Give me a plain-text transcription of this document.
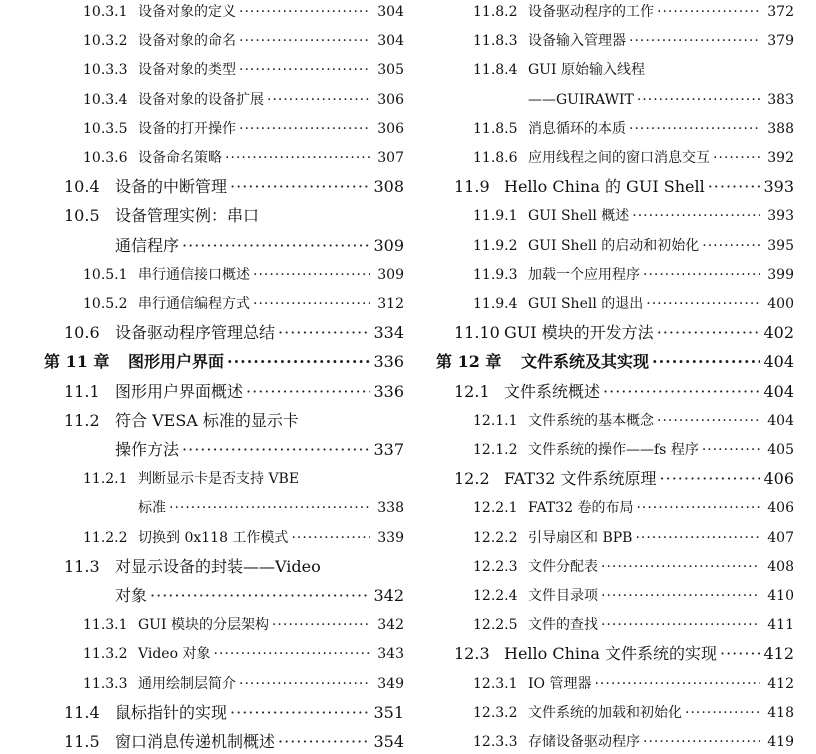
10.3.1 设备对象的定义 ·····	304
10.3.2 设备对象的命名 ·····	304
10.3.3 设备对象的类型 ·····	305
10.3.4 设备对象的设备扩展 ·····	306
10.3.5 设备的打开操作 ·····	306
10.3.6 设备命名策略 ·····	307
10.4 设备的中断管理 ·····	308
10.5 设备管理实例：串口
通信程序 ·····	309
10.5.1 串行通信接口概述 ·····	309
10.5.2 串行通信编程方式 ·····	312
10.6 设备驱动程序管理总结 ·····	334
第 11 章 图形用户界面 ·····	336
11.1 图形用户界面概述 ·····	336
11.2 符合 VESA 标准的显示卡
操作方法 ·····	337
11.2.1 判断显示卡是否支持 VBE
标准 ·····	338
11.2.2 切换到 0x118 工作模式 ·····	339
11.3 对显示设备的封装——Video
对象 ·····	342
11.3.1 GUI 模块的分层架构 ·····	342
11.3.2 Video 对象 ·····	343
11.3.3 通用绘制层简介 ·····	349
11.4 鼠标指针的实现 ·····	351
11.5 窗口消息传递机制概述 ·····	354
11.8.2 设备驱动程序的工作 ·····	372
11.8.3 设备输入管理器 ·····	379
11.8.4 GUI 原始输入线程
——GUIRAWIT ·····	383
11.8.5 消息循环的本质 ·····	388
11.8.6 应用线程之间的窗口消息交互 ·····	392
11.9 Hello China 的 GUI Shell ·····	393
11.9.1 GUI Shell 概述 ·····	393
11.9.2 GUI Shell 的启动和初始化 ·····	395
11.9.3 加载一个应用程序 ·····	399
11.9.4 GUI Shell 的退出 ·····	400
11.10 GUI 模块的开发方法 ·····	402
第 12 章 文件系统及其实现 ·····	404
12.1 文件系统概述 ·····	404
12.1.1 文件系统的基本概念 ·····	404
12.1.2 文件系统的操作——fs 程序 ·····	405
12.2 FAT32 文件系统原理 ·····	406
12.2.1 FAT32 卷的布局 ·····	406
12.2.2 引导扇区和 BPB ·····	407
12.2.3 文件分配表 ·····	408
12.2.4 文件目录项 ·····	410
12.2.5 文件的查找 ·····	411
12.3 Hello China 文件系统的实现 ·····	412
12.3.1 IO 管理器 ·····	412
12.3.2 文件系统的加载和初始化 ·····	418
12.3.3 存储设备驱动程序 ·····	419
